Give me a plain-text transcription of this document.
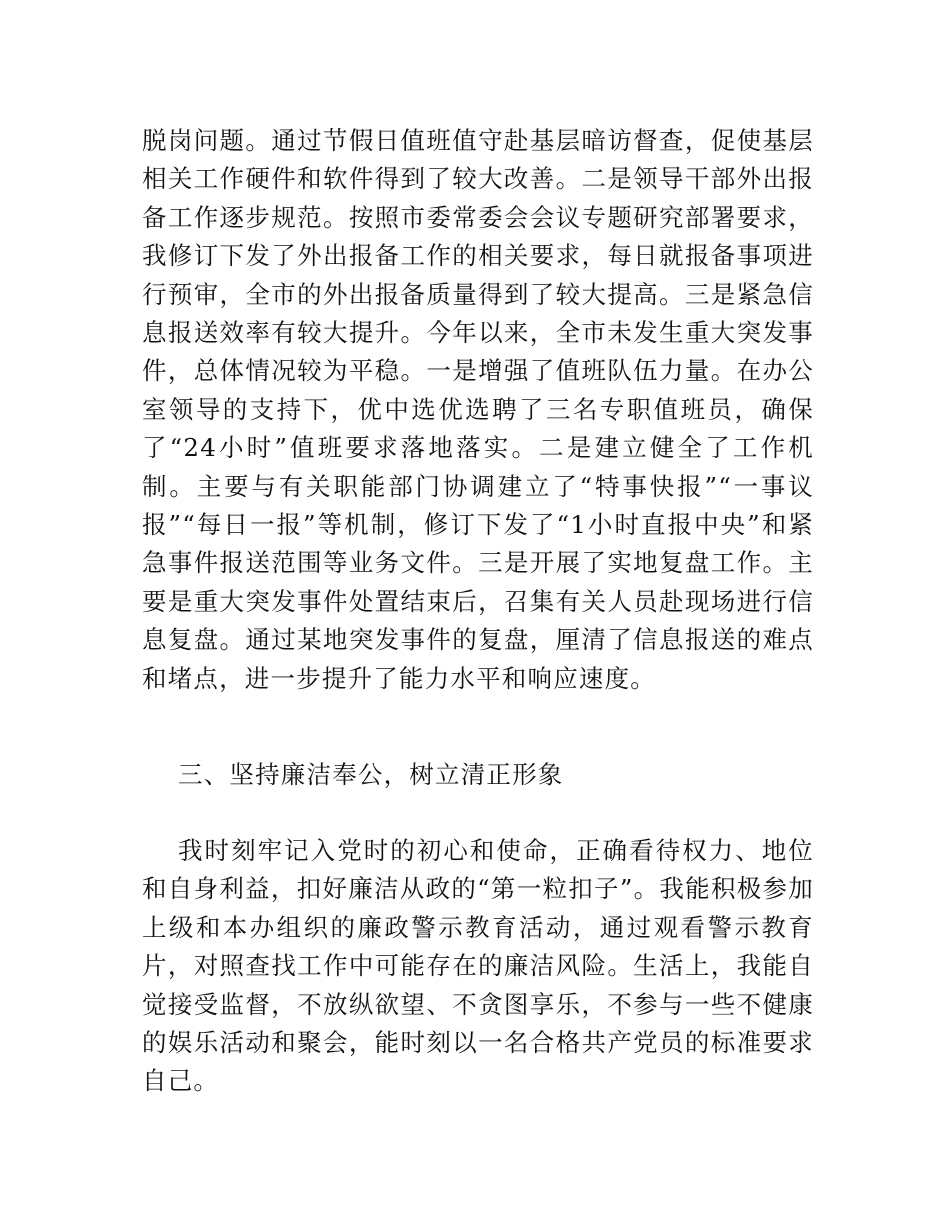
脱岗问题。通过节假日值班值守赴基层暗访督查，促使基层相关工作硬件和软件得到了较大改善。二是领导干部外出报备工作逐步规范。按照市委常委会会议专题研究部署要求，我修订下发了外出报备工作的相关要求，每日就报备事项进行预审，全市的外出报备质量得到了较大提高。三是紧急信息报送效率有较大提升。今年以来，全市未发生重大突发事件，总体情况较为平稳。一是增强了值班队伍力量。在办公室领导的支持下，优中选优选聘了三名专职值班员，确保了“24小时”值班要求落地落实。二是建立健全了工作机制。主要与有关职能部门协调建立了“特事快报”“一事议报”“每日一报”等机制，修订下发了“1小时直报中央”和紧急事件报送范围等业务文件。三是开展了实地复盘工作。主要是重大突发事件处置结束后，召集有关人员赴现场进行信息复盘。通过某地突发事件的复盘，厘清了信息报送的难点和堵点，进一步提升了能力水平和响应速度。

三、坚持廉洁奉公，树立清正形象

我时刻牢记入党时的初心和使命，正确看待权力、地位和自身利益，扣好廉洁从政的“第一粒扣子”。我能积极参加上级和本办组织的廉政警示教育活动，通过观看警示教育片，对照查找工作中可能存在的廉洁风险。生活上，我能自觉接受监督，不放纵欲望、不贪图享乐，不参与一些不健康的娱乐活动和聚会，能时刻以一名合格共产党员的标准要求自己。
